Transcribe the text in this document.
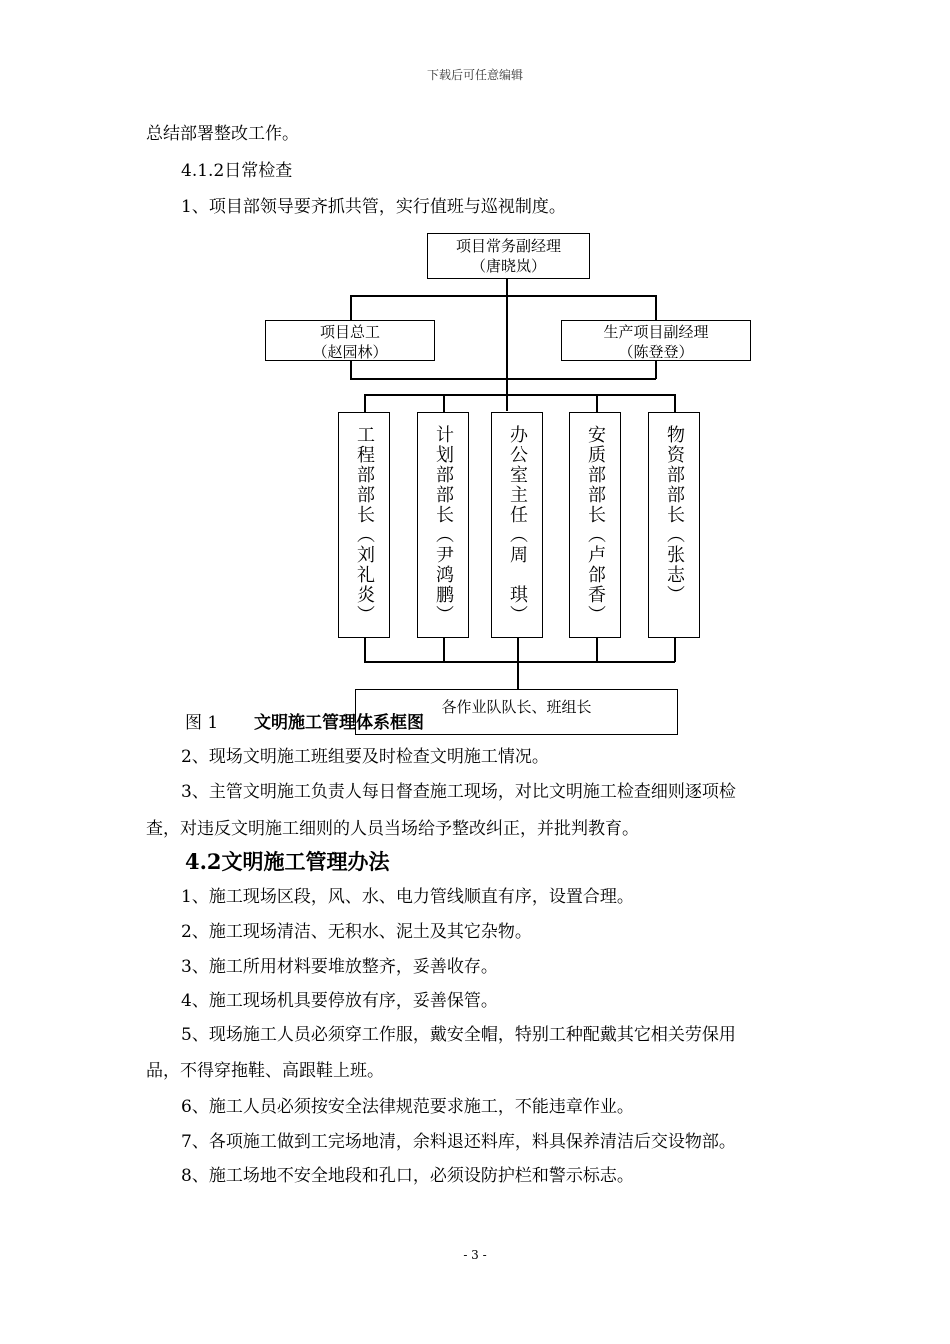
下载后可任意编辑
总结部署整改工作。
4.1.2日常检查
1、项目部领导要齐抓共管，实行值班与巡视制度。
项目常务副经理
（唐晓岚）
项目总工
（赵园林）
生产项目副经理
（陈登登）
工程部部长（刘礼炎）	计划部部长（尹鸿鹏）	办公室主任（周　琪）	安质部部长（卢郃香）	物资部部长（张志）
各作业队队长、班组长
图 1 文明施工管理体系框图
2、现场文明施工班组要及时检查文明施工情况。
3、主管文明施工负责人每日督查施工现场，对比文明施工检查细则逐项检
查，对违反文明施工细则的人员当场给予整改纠正，并批判教育。
4.2文明施工管理办法
1、施工现场区段，风、水、电力管线顺直有序，设置合理。
2、施工现场清洁、无积水、泥土及其它杂物。
3、施工所用材料要堆放整齐，妥善收存。
4、施工现场机具要停放有序，妥善保管。
5、现场施工人员必须穿工作服，戴安全帽，特别工种配戴其它相关劳保用
品，不得穿拖鞋、高跟鞋上班。
6、施工人员必须按安全法律规范要求施工，不能违章作业。
7、各项施工做到工完场地清，余料退还料库，料具保养清洁后交设物部。
8、施工场地不安全地段和孔口，必须设防护栏和警示标志。
- 3 -
